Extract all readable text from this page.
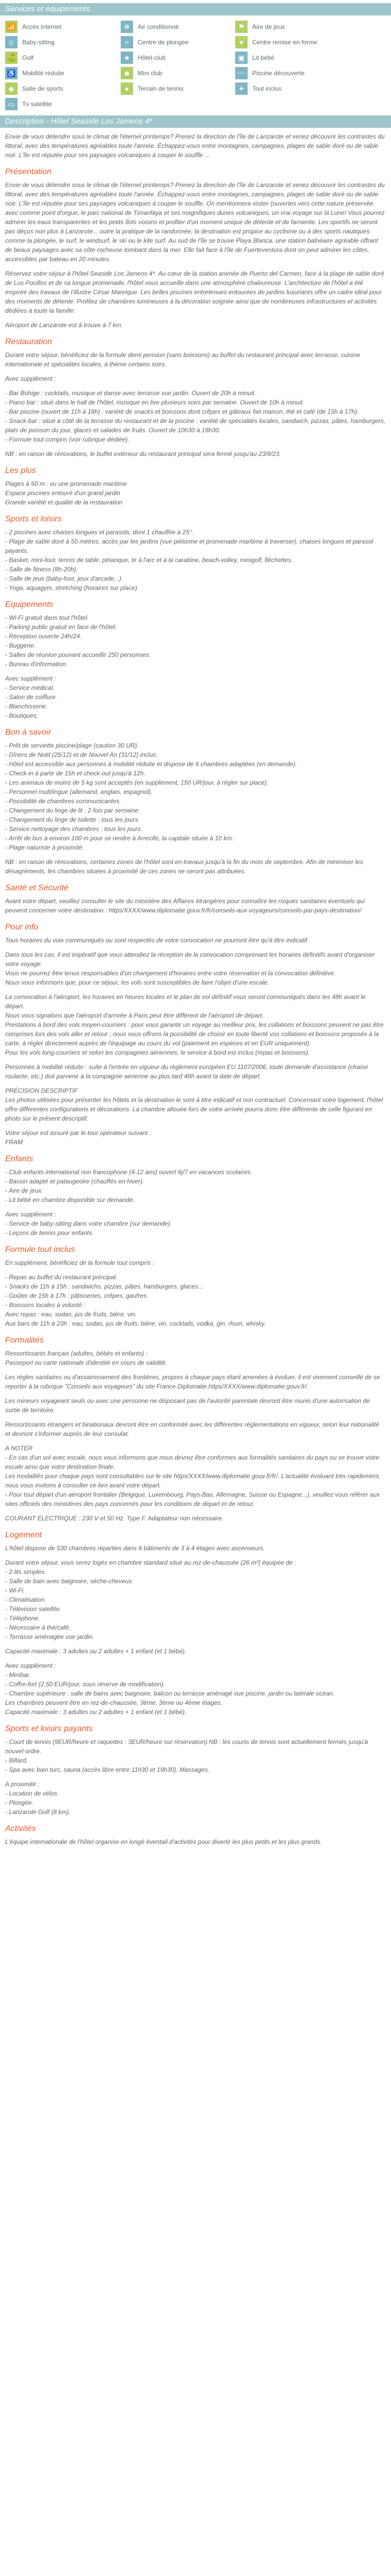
Services et équipements
📶 Accès internet	❄	Air conditionné	⚑	Aire de jeux
☺	Baby-sitting	≈	Centre de plongée	♥	Centre remise en forme
⛳ Golf	★	Hôtel-club	▣	Lit bébé
♿ Mobilité réduite	☻	Mini club	〰	Piscine découverte
◆	Salle de sports	●	Terrain de tennis	✦	Tout inclus
▭	Tv satellite
Description - Hôtel Seaside Los Jameos 4*

Envie de vous détendre sous le climat de l'éternel printemps? Prenez la direction de l'île de Lanzarote et venez découvrir les contrastes du littoral, avec des températures agréables toute l'année. Échappez-vous entre montagnes, campagnes, plages de sable doré ou de sable noir. L'île est réputée pour ses paysages volcaniques à couper le souffle ...

Présentation

Envie de vous détendre sous le climat de l'éternel printemps? Prenez la direction de l'île de Lanzarote et venez découvrir les contrastes du littoral, avec des températures agréables toute l'année. Échappez-vous entre montagnes, campagnes, plages de sable doré ou de sable noir. L'île est réputée pour ses paysages volcaniques à couper le souffle. On mentionnera visiter (ouvertes vers cette nature préservée avec comme point d'orgue, le parc national de Timanfaya et ses magnifiques dunes volcaniques, un vrai voyage sur la Lune! Vous pourrez admirer les eaux transparentes et les petits îlots voisins et profiter d'un moment unique de détente et de farniente. Les sportifs ne seront pas déçus non plus à Lanzarote... outre la pratique de la randonnée, la destination est propice au cyclisme ou à des sports nautiques comme la plongée, le surf, le windsurf, le ski ou le kite surf. Au sud de l'île se trouve Playa Blanca, une station balnéaire agréable offrant de beaux paysages avec sa côte rocheuse tombant dans la mer. Elle fait face à l'île de Fuerteventura dont on peut admirer les côtes, accessibles par bateau en 20 minutes.

Réservez votre séjour à l'hôtel Seaside Los Jameos 4*. Au cœur de la station animée de Puerto del Carmen, face à la plage de sable doré de Los Pocillos et de sa longue promenade, l'hôtel vous accueille dans une atmosphère chaleureuse. L'architecture de l'hôtel a été inspirée des travaux de l'illustre César Manrique. Les belles piscines entretenues entourées de jardins luxuriants offre un cadre idéal pour des moments de détente. Profitez de chambres lumineuses à la décoration soignée ainsi que de nombreuses infrastructures et activités dédiées à toute la famille.

Aéroport de Lanzarote est à trouve à 7 km.

Restauration

Durant votre séjour, bénéficiez de la formule demi pension (sans boissons) au buffet du restaurant principal avec terrasse, cuisine internationale et spécialités locales, à thème certains soirs.

Avec supplément :

- Bar Bohige : cocktails, musique et danse avec terrasse vue jardin. Ouvert de 20h à minuit.
- Piano bar : situé dans le hall de l'hôtel, musique en live plusieurs soirs par semaine. Ouvert de 10h à minuit.
- Bar piscine (ouvert de 11h à 18h) : variété de snacks et boissons dont crêpes et gâteaux fait maison, thé et café (de 15h à 17h).
- Snack-bar : situé à côté de la terrasse du restaurant et de la piscine : variété de spécialités locales, sandwich, pizzas, pâtes, hamburgers, plats de poisson du jour, glaces et salades de fruits. Ouvert de 10h30 à 18h30.
- Formule tout compris (voir rubrique dédiée).

NB : en raison de rénovations, le buffet extérieur du restaurant principal sera fermé jusqu'au 23/8/23.

Les plus

Plages à 50 m : vu une promenade maritime
Espace piscines entouré d'un grand jardin
Grande variété et qualité de la restauration

Sports et loisirs

- 2 piscines avec chaises longues et parasols, dont 1 chauffée à 25°.
- Plage de sable doré à 50 mètres, accès par les jardins (vue piétonne et promenade maritime à traverser), chaises longues et parasol payants.
- Basket, mini-foot, tennis de table, pétanque, tir à l'arc et à la carabine, beach-volley, minigolf, fléchettes.
- Salle de fitness (8h-20h).
- Salle de jeux (baby-foot, jeux d'arcade...).
- Yoga, aquagym, stretching (horaires sur place).

Equipements

- Wi-Fi gratuit dans tout l'hôtel.
- Parking public gratuit en face de l'hôtel.
- Réception ouverte 24h/24.
- Buggerie.
- Salles de réunion pouvant accueillir 250 personnes.
- Bureau d'information.

Avec supplément :
- Service médical.
- Salon de coiffure.
- Blanchisserie.
- Boutiques.

Bon à savoir

- Prêt de serviette piscine/plage (caution 30 UR).
- Dîners de Noël (25/12) et de Nouvel An (31/12) inclus.
- Hôtel est accessible aux personnes à mobilité réduite et dispose de 6 chambres adaptées (en demande).
- Check-in à partir de 15h et check-out jusqu'à 12h.
- Les animaux de moins de 5 kg sont acceptés (en supplément, 150 UR/jour, à régler sur place).
- Personnel multilingue (allemand, anglais, espagnol).
- Possibilité de chambres communicantes.
- Changement du linge de lit : 2 fois par semaine.
- Changement du linge de toilette : tous les jours.
- Service nettoyage des chambres : tous les jours.
- Arrêt de bus à environ 100 m pour se rendre à Arrecife, la capitale située à 10 km.
- Plage naturiste à proximité.

NB : en raison de rénovations, certaines zones de l'hôtel sont en travaux jusqu'à la fin du mois de septembre. Afin de minimiser les désagréments, les chambres situées à proximité de ces zones ne seront pas attribuées.

Santé et Sécurité

Avant votre départ, veuillez consulter le site du ministère des Affaires étrangères pour connaître les risques sanitaires éventuels qui peuvent concerner votre destination : https/XXXX/www.diplomatie.gouv.fr/fr/conseils-aux-voyageurs/conseils-par-pays-destination/

Pour info

Tous horaires du voix communiqués ou sont respectés de votre convocation ne pourront être qu'à titre indicatif.

Dans tous les cas, il est impératif que vous attendiez la réception de la convocation comprenant les horaires définitifs avant d'organiser votre voyage.
Vous ne pourrez être tenus responsables d'un changement d'horaires entre votre réservation et la convocation définitive.
Nous vous informons que, pour ce séjour, les vols sont susceptibles de faire l'objet d'une escale.

La convocation à l'aéroport, les horaires en heures locales et le plan de vol définitif vous seront communiqués dans les 48h avant le départ.
Nous vous signalons que l'aéroport d'arrivée à Paris peut être différent de l'aéroport de départ.
Prestations à bord des vols moyen-courriers : pour vous garantir un voyage au meilleur prix, les collations et boissons peuvent ne pas être comprises lors des vols aller et retour ; nous vous offrons la possibilité de choisir en toute liberté vos collations et boissons proposés à la carte, à régler directement auprès de l'équipage au cours du vol (paiement en espèces et en EUR uniquement).
Pour les vols long-courriers et selon les compagnies aériennes, le service à bord est inclus (repas et boissons).

Personnes à mobilité réduite : suite à l'entrée en vigueur du règlement européen EU 1107/2006, toute demande d'assistance (chaise roulante, etc.) doit parvenir à la compagnie aérienne au plus tard 48h avant la date de départ.

PRÉCISION DESCRIPTIF
Les photos utilisées pour présenter les hôtels et la destination le sont à titre indicatif et non contractuel. Concernant votre logement, l'hôtel offre différentes configurations et décorations. La chambre allouée lors de votre arrivée pourra donc être différente de celle figurant en photo sur le présent descriptif.

Votre séjour est assuré par le tour opérateur suivant :
FRAM

Enfants

- Club enfants international non francophone (4-12 ans) ouvert 6j/7 en vacances scolaires.
- Bassin adapté et pataugeoire (chauffés en hiver).
- Aire de jeux.
- Lit bébé en chambre disponible sur demande.

Avec supplément :
- Service de baby-sitting dans votre chambre (sur demande).
- Leçons de tennis pour enfants.

Formule tout inclus

En supplément, bénéficiez de la formule tout compris :

- Repas au buffet du restaurant principal.
- Snacks de 11h à 15h : sandwichs, pizzas, pâtes, hamburgers, glaces...
- Goûter de 15h à 17h : pâtisseries, crêpes, gaufres.
- Boissons locales à volonté :
Avec repas : eau, sodas, jus de fruits, bière, vin.
Aux bars de 11h à 23h : eau, sodas, jus de fruits, bière, vin, cocktails, vodka, gin, rhum, whisky.

Formalités

Ressortissants français (adultes, bébés et enfants) :
Passeport ou carte nationale d'identité en cours de validité.

Les règles sanitaires ou d'assainissement des frontières, propres à chaque pays étant amenées à évoluer, il est vivement conseillé de se reporter à la rubrique "Conseils aux voyageurs" du site France Diplomatie.https/XXXX/www.diplomatie.gouv.fr/.

Les mineurs voyageant seuls ou avec une personne ne disposant pas de l'autorité parentale devront être munis d'une autorisation de sortie de territoire.

Ressortissants étrangers et binationaux devront être en conformité avec les différentes réglementations en vigueur, selon leur nationalité et devront s'informer auprès de leur consulat.

A NOTER
- En cas d'un vol avec escale, nous vous informons que nous devrez être conformes aux formalités sanitaires du pays ou se trouve votre escale ainsi que votre destination finale.
Les modalités pour chaque pays sont consultables sur le site https/XXXX/www.diplomatie.gouv.fr/fr/. L'actualité évoluant très rapidement, nous vous invitons à consulter ce lien avant votre départ.
- Pour tout départ d'un aéroport frontalier (Belgique, Luxembourg, Pays-Bas, Allemagne, Suisse ou Espagne...), veuillez vous référer aux sites officiels des ministères des pays concernés pour les conditions de départ et de retour.

COURANT ÉLECTRIQUE : 230 V et 50 Hz. Type F. Adaptateur non nécessaire.

Logement

L'hôtel dispose de 530 chambres réparties dans 6 bâtiments de 3 à 4 étages avec ascenseurs.

Durant votre séjour, vous serez logés en chambre standard situé au rez-de-chaussée (26 m²) équipée de :
- 2 lits simples.
- Salle de bain avec baignoire, sèche-cheveux.
- Wi-Fi.
- Climatisation.
- Télévision satellite.
- Téléphone.
- Nécessaire à thé/café.
- Terrasse aménagée vue jardin.

Capacité maximale : 3 adultes ou 2 adultes + 1 enfant (et 1 bébé).

Avec supplément :
- Minibar.
- Coffre-fort (2,50 EUR/jour, sous réserve de modification).
- Chambre supérieure : salle de bains avec baignoire, balcon ou terrasse aménagé vue piscine, jardin ou latérale océan.
Les chambres peuvent être en rez-de-chaussée, 3ème, 3ème ou 4ème étages.
Capacité maximale : 3 adultes ou 2 adultes + 1 enfant (et 1 bébé).

Sports et loisirs payants

- Court de tennis (9EUR/heure et raquettes : 3EUR/heure sur réservation).NB : les courts de tennis sont actuellement fermés jusqu'à nouvel ordre.
- Billard.
- Spa avec bain turc, sauna (accès libre entre 11h30 et 19h30). Massages.

A proximité :
- Location de vélos.
- Plongée.
- Lanzarote Golf (8 km).

Activités

L'équipe internationale de l'hôtel organise en longé éventail d'activités pour divertir les plus petits et les plus grands.
